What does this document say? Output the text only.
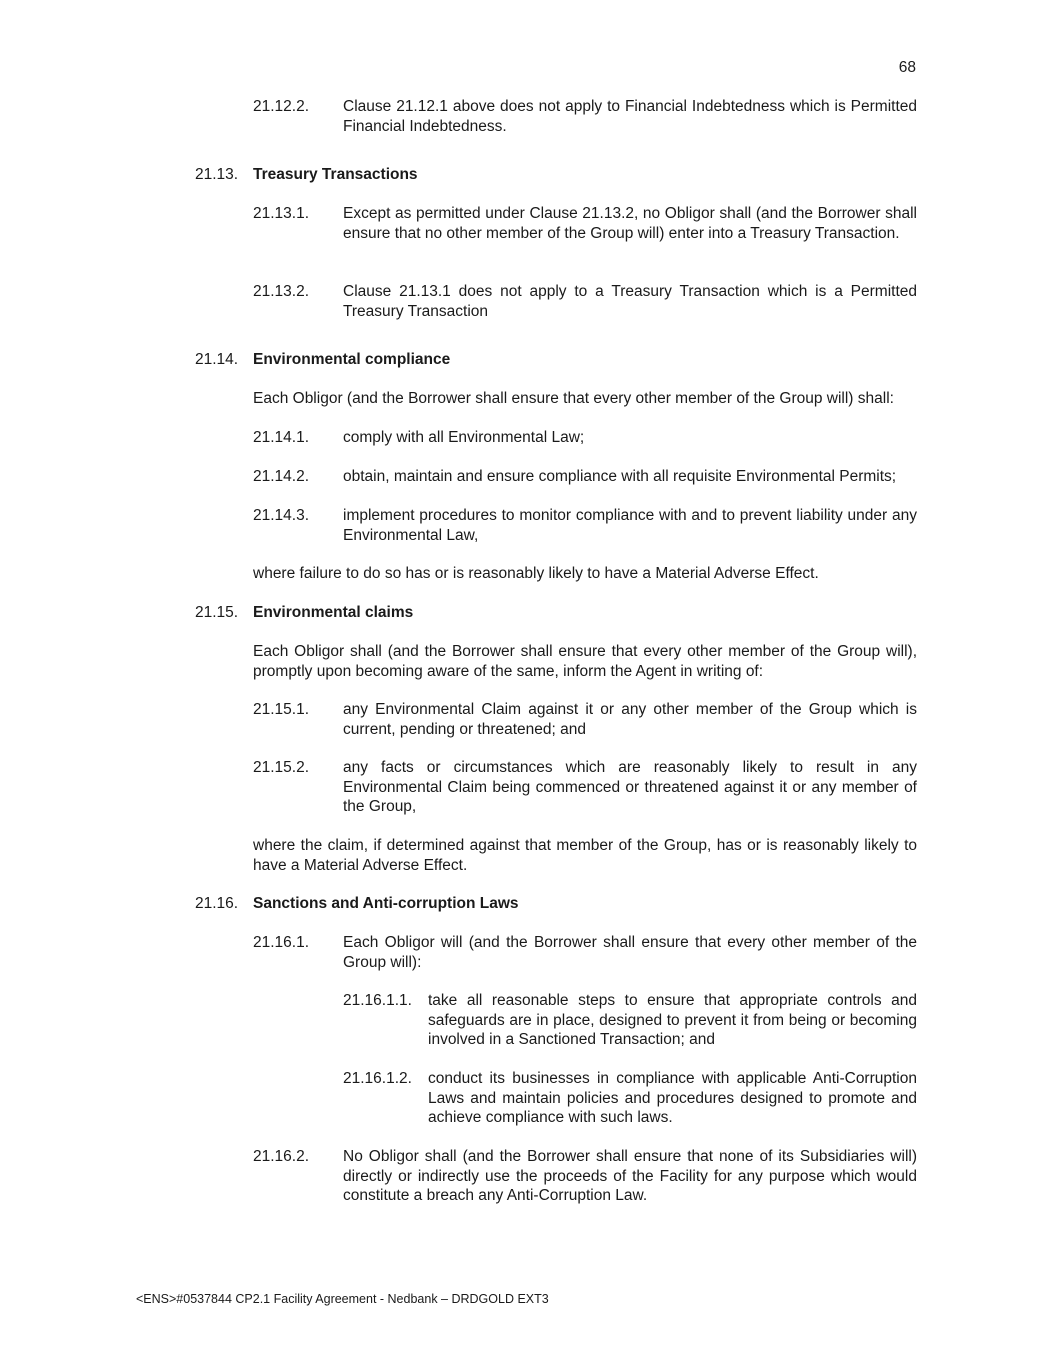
68
21.12.2. Clause 21.12.1 above does not apply to Financial Indebtedness which is Permitted Financial Indebtedness.
21.13. Treasury Transactions
21.13.1. Except as permitted under Clause 21.13.2, no Obligor shall (and the Borrower shall ensure that no other member of the Group will) enter into a Treasury Transaction.
21.13.2. Clause 21.13.1 does not apply to a Treasury Transaction which is a Permitted Treasury Transaction
21.14. Environmental compliance
Each Obligor (and the Borrower shall ensure that every other member of the Group will) shall:
21.14.1. comply with all Environmental Law;
21.14.2. obtain, maintain and ensure compliance with all requisite Environmental Permits;
21.14.3. implement procedures to monitor compliance with and to prevent liability under any Environmental Law,
where failure to do so has or is reasonably likely to have a Material Adverse Effect.
21.15. Environmental claims
Each Obligor shall (and the Borrower shall ensure that every other member of the Group will), promptly upon becoming aware of the same, inform the Agent in writing of:
21.15.1. any Environmental Claim against it or any other member of the Group which is current, pending or threatened; and
21.15.2. any facts or circumstances which are reasonably likely to result in any Environmental Claim being commenced or threatened against it or any member of the Group,
where the claim, if determined against that member of the Group, has or is reasonably likely to have a Material Adverse Effect.
21.16. Sanctions and Anti-corruption Laws
21.16.1. Each Obligor will (and the Borrower shall ensure that every other member of the Group will):
21.16.1.1. take all reasonable steps to ensure that appropriate controls and safeguards are in place, designed to prevent it from being or becoming involved in a Sanctioned Transaction; and
21.16.1.2. conduct its businesses in compliance with applicable Anti-Corruption Laws and maintain policies and procedures designed to promote and achieve compliance with such laws.
21.16.2. No Obligor shall (and the Borrower shall ensure that none of its Subsidiaries will) directly or indirectly use the proceeds of the Facility for any purpose which would constitute a breach any Anti-Corruption Law.
<ENS>#0537844 CP2.1 Facility Agreement - Nedbank – DRDGOLD EXT3
